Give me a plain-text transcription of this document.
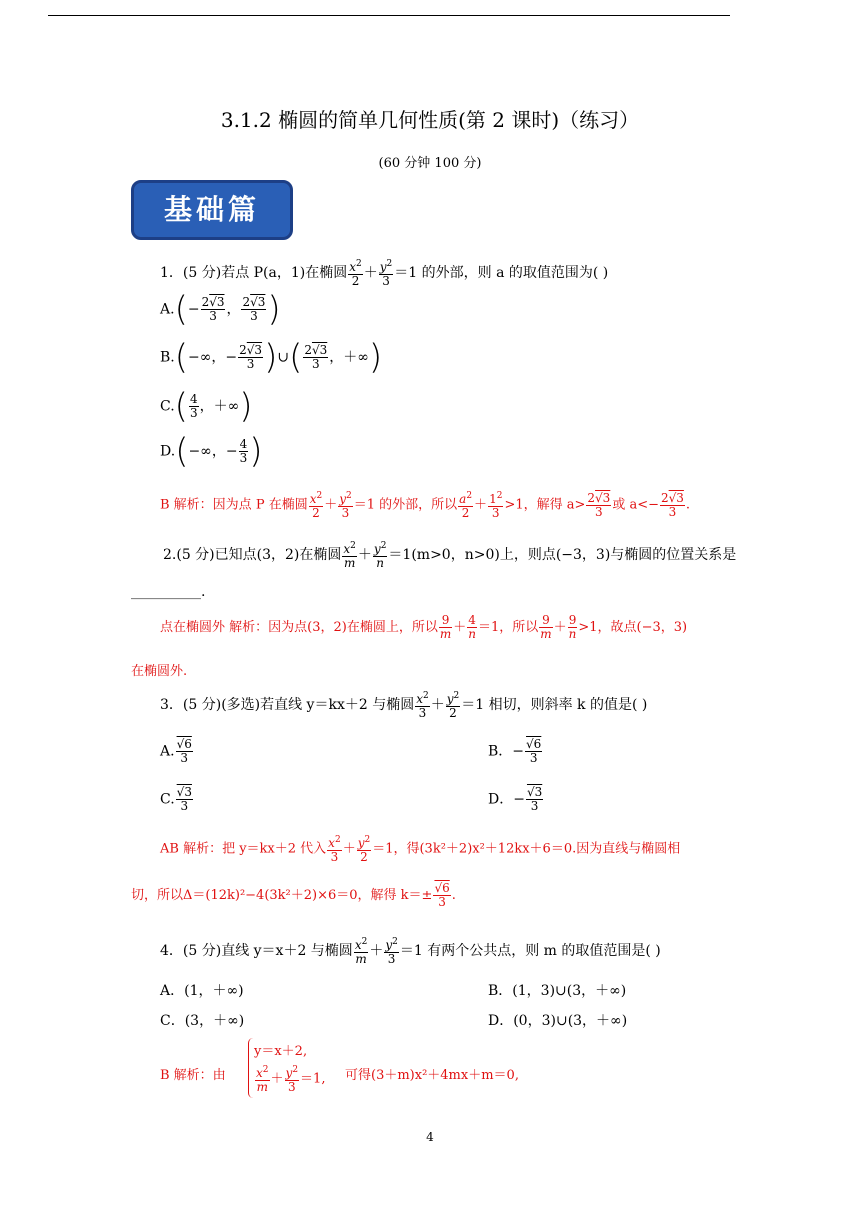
3.1.2 椭圆的简单几何性质(第 2 课时)（练习）
(60 分钟 100 分)
基础篇
1．(5 分)若点 P(a，1)在椭圆 $\frac{x^2}{2} + \frac{y^2}{3} =1$ 的外部，则 a 的取值范围为( )
$A.(- \frac{2√3}{3}$ ， $\frac{2√3}{3}$ )
B.(−∞，− $\frac{2√3}{3}$ )∪( $\frac{2√3}{3}$ ，＋∞)
$C.( \frac{4}{3}$ ，＋∞)
D.(−∞，− $\frac{4}{3}$ )
B 解析：因为点 P 在椭圆 $\frac{x^2}{2} + \frac{y^2}{3} =1$ 的外部，所以 $\frac{a^2}{2} + \frac{1^2}{3} >1$，解得 $a> \frac{2√3}{3}$ 或 $a<- \frac{2√3}{3}$ .
2.(5 分)已知点(3，2)在椭圆 $\frac{x^2}{m} + \frac{y^2}{n} =1(m>0$，n>0)上，则点(−3，3)与椭圆的位置关系是
__________.
点在椭圆外 解析：因为点(3，2)在椭圆上，所以 $\frac{9}{m} + \frac{4}{n} =1$，所以 $\frac{9}{m} + \frac{9}{n} >1$，故点(−3，3)
在椭圆外.
3．(5 分)(多选)若直线 y＝kx＋2 与椭圆 $\frac{x^2}{3} + \frac{y^2}{2} =1$ 相切，则斜率 k 的值是( )
A. $\frac{√6}{3}$	B．− $\frac{√6}{3}$
C. $\frac{√3}{3}$	D．− $\frac{√3}{3}$
AB 解析：把 y＝kx＋2 代入 $\frac{x^2}{3} + \frac{y^2}{2} =1$，得(3k²＋2)x²＋12kx＋6＝0.因为直线与椭圆相
切，所以Δ＝(12k)²−4(3k²＋2)×6＝0，解得 $k=\pm \frac{√6}{3}$ .
4．(5 分)直线 y＝x＋2 与椭圆 $\frac{x^2}{m} + \frac{y^2}{3} =1$ 有两个公共点，则 m 的取值范围是( )
A．(1，＋∞)	B．(1，3)∪(3，＋∞)
C．(3，＋∞)	D．(0，3)∪(3，＋∞)
B 解析：由
y＝x＋2,
$\frac{x^2}{m} + \frac{y^2}{3} =1$, 可得(3＋m)x²＋4mx＋m＝0,
4
